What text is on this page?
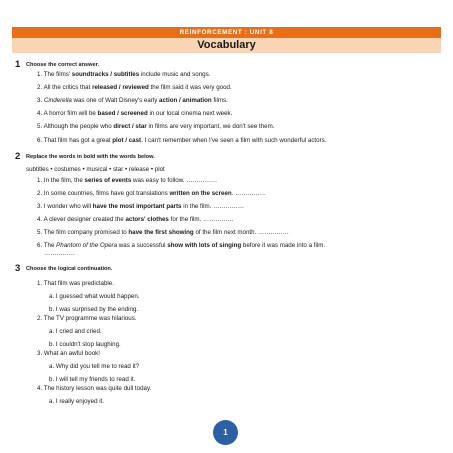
REINFORCEMENT : UNIT 8
Vocabulary
1 Choose the correct answer.
1. The films' soundtracks / subtitles include music and songs.
2. All the critics that released / reviewed the film said it was very good.
3. Cinderella was one of Walt Disney's early action / animation films.
4. A horror film will be based / screened in our local cinema next week.
5. Although the people who direct / star in films are very important, we don't see them.
6. That film has got a great plot / cast. I can't remember when I've seen a film with such wonderful actors.
2 Replace the words in bold with the words below.
subtitles • costumes • musical • star • release • plot
1. In the film, the series of events was easy to follow. ……………
2. In some countries, films have got translations written on the screen. ……………
3. I wonder who will have the most important parts in the film. ……………
4. A clever designer created the actors' clothes for the film. ……………
5. The film company promised to have the first showing of the film next month. ……………
6. The Phantom of the Opera was a successful show with lots of singing before it was made into a film.
……………
3 Choose the logical continuation.
1. That film was predictable.
a. I guessed what would happen.
b. I was surprised by the ending.
2. The TV programme was hilarious.
a. I cried and cried.
b. I couldn't stop laughing.
3. What an awful book!
a. Why did you tell me to read it?
b. I will tell my friends to read it.
4. The history lesson was quite dull today.
a. I really enjoyed it.
1
